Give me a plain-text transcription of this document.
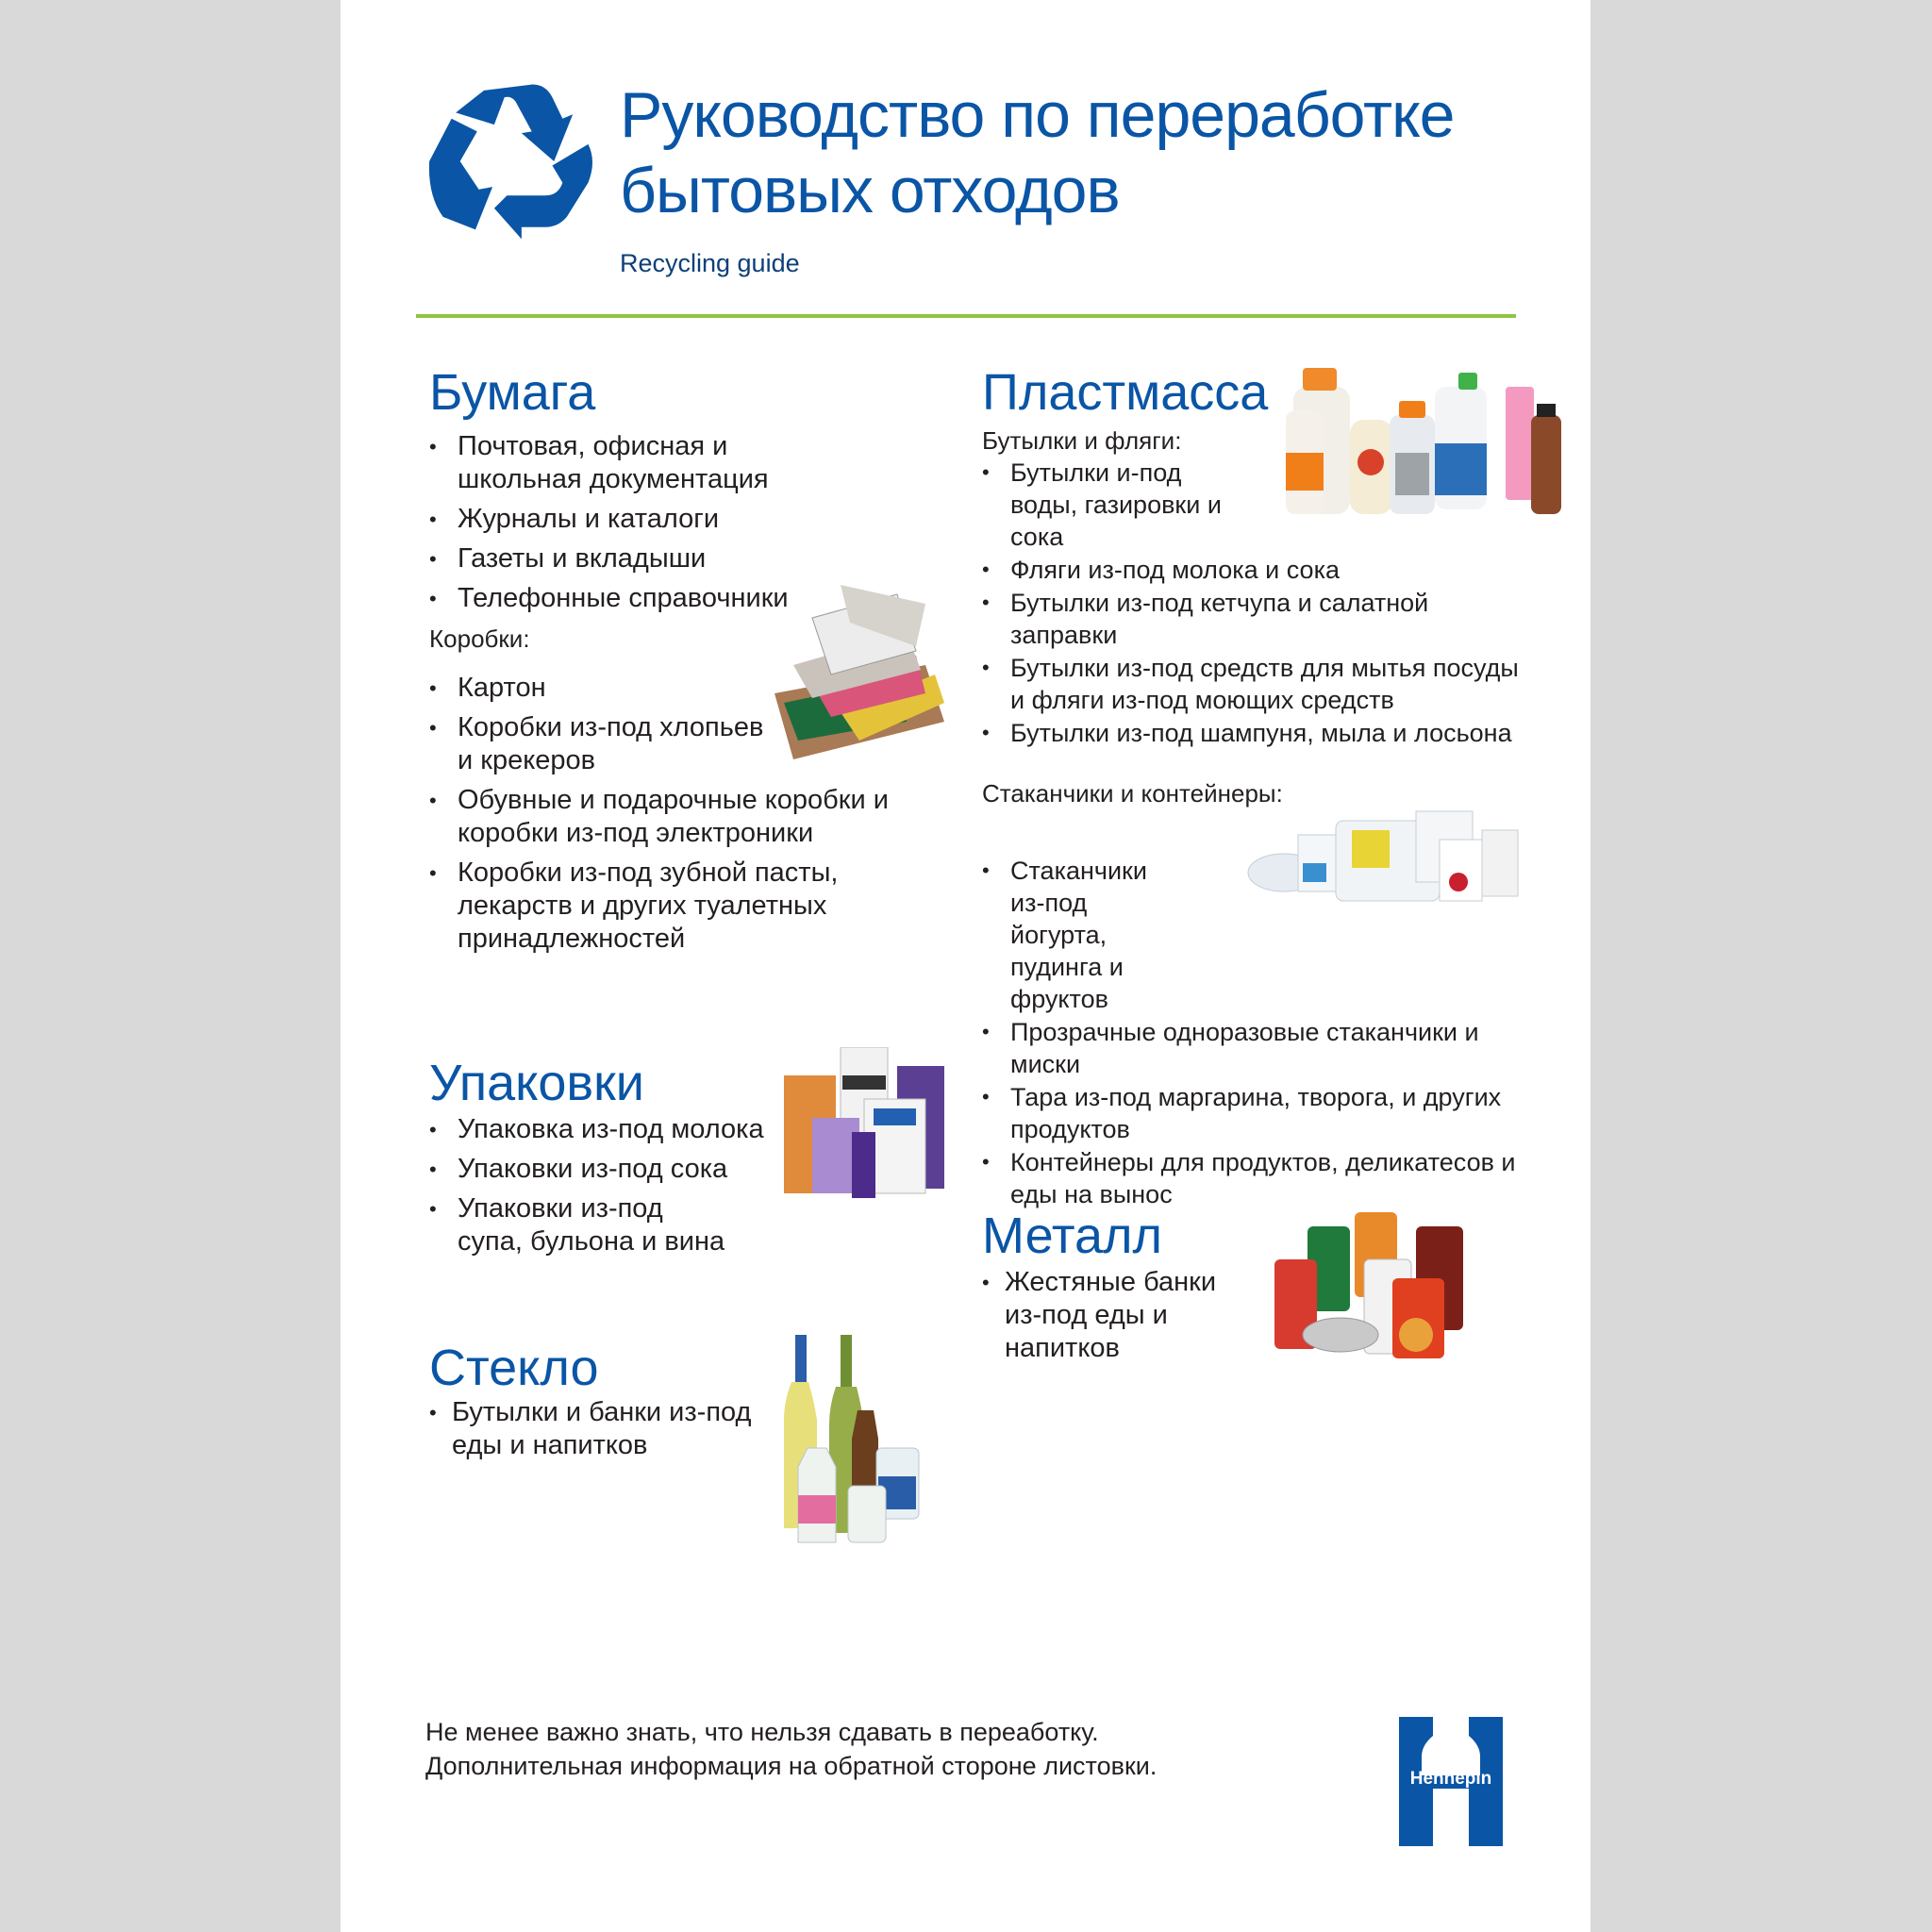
Руководство по переработке
бытовых отходов
Recycling guide
Бумага
• Почтовая, офисная и школьная документация
• Журналы и каталоги
• Газеты и вкладыши
• Телефонные справочники
Коробки:
• Картон
• Коробки из-под хлопьев и крекеров
• Обувные и подарочные коробки и коробки из-под электроники
• Коробки из-под зубной пасты, лекарств и других туалетных принадлежностей
Пластмасса
Бутылки и фляги:
• Бутылки и-под воды, газировки и сока
• Фляги из-под молока и сока
• Бутылки из-под кетчупа и салатной заправки
• Бутылки из-под средств для мытья посуды и фляги из-под моющих средств
• Бутылки из-под шампуня, мыла и лосьона
Стаканчики и контейнеры:
• Стаканчики из-под йогурта, пудинга и фруктов
• Прозрачные одноразовые стаканчики и миски
• Тара из-под маргарина, творога, и других продуктов
• Контейнеры для продуктов, деликатесов и еды на вынос
Упаковки
• Упаковка из-под молока
• Упаковки из-под сока
• Упаковки из-под супа, бульона и вина
Стекло
• Бутылки и банки из-под еды и напитков
Металл
• Жестяные банки из-под еды и напитков
Не менее важно знать, что нельзя сдавать в переаботку.
Дополнительная информация на обратной стороне листовки.	Hennepin
